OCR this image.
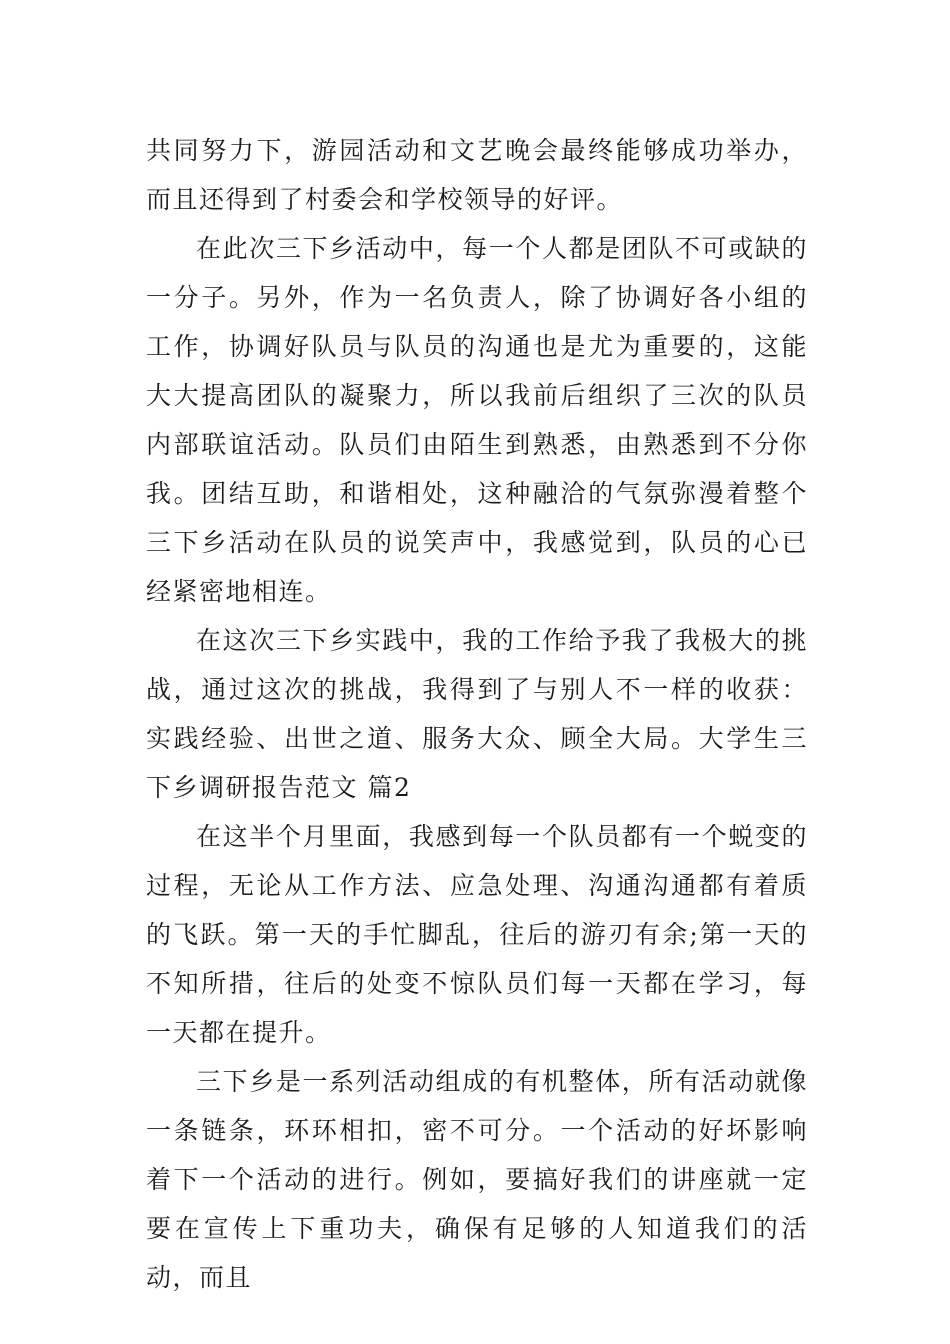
共同努力下，游园活动和文艺晚会最终能够成功举办，而且还得到了村委会和学校领导的好评。

在此次三下乡活动中，每一个人都是团队不可或缺的一分子。另外，作为一名负责人，除了协调好各小组的工作，协调好队员与队员的沟通也是尤为重要的，这能大大提高团队的凝聚力，所以我前后组织了三次的队员内部联谊活动。队员们由陌生到熟悉，由熟悉到不分你我。团结互助，和谐相处，这种融洽的气氛弥漫着整个三下乡活动在队员的说笑声中，我感觉到，队员的心已经紧密地相连。

在这次三下乡实践中，我的工作给予我了我极大的挑战，通过这次的挑战，我得到了与别人不一样的收获：实践经验、出世之道、服务大众、顾全大局。大学生三下乡调研报告范文 篇2

在这半个月里面，我感到每一个队员都有一个蜕变的过程，无论从工作方法、应急处理、沟通沟通都有着质的飞跃。第一天的手忙脚乱，往后的游刃有余;第一天的不知所措，往后的处变不惊队员们每一天都在学习，每一天都在提升。

三下乡是一系列活动组成的有机整体，所有活动就像一条链条，环环相扣，密不可分。一个活动的好坏影响着下一个活动的进行。例如，要搞好我们的讲座就一定要在宣传上下重功夫，确保有足够的人知道我们的活动，而且
